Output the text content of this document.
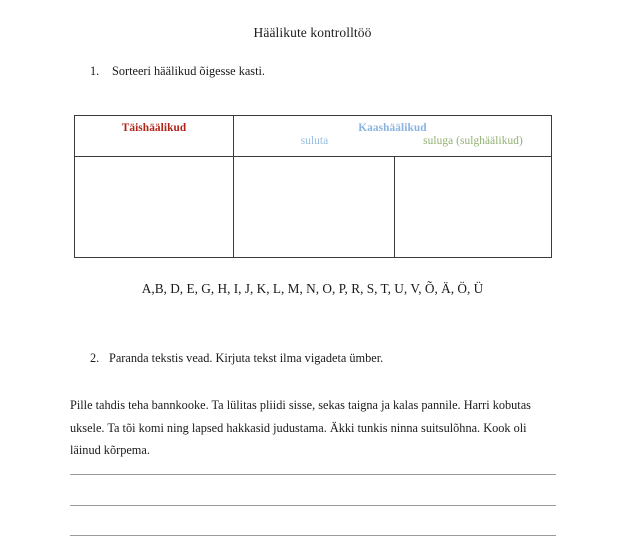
Häälikute kontrolltöö
1. Sorteeri häälikud õigesse kasti.
Täishäälikud	Kaashäälikud
suluta suluga (sulghäälikud)	

A,B, D, E, G, H, I, J, K, L, M, N, O, P, R, S, T, U, V, Õ, Ä, Ö, Ü
2. Paranda tekstis vead. Kirjuta tekst ilma vigadeta ümber.
Pille tahdis teha bannkooke. Ta lülitas pliidi sisse, sekas taigna ja kalas pannile. Harri kobutas uksele. Ta tõi komi ning lapsed hakkasid judustama. Äkki tunkis ninna suitsulõhna. Kook oli läinud kõrpema.
